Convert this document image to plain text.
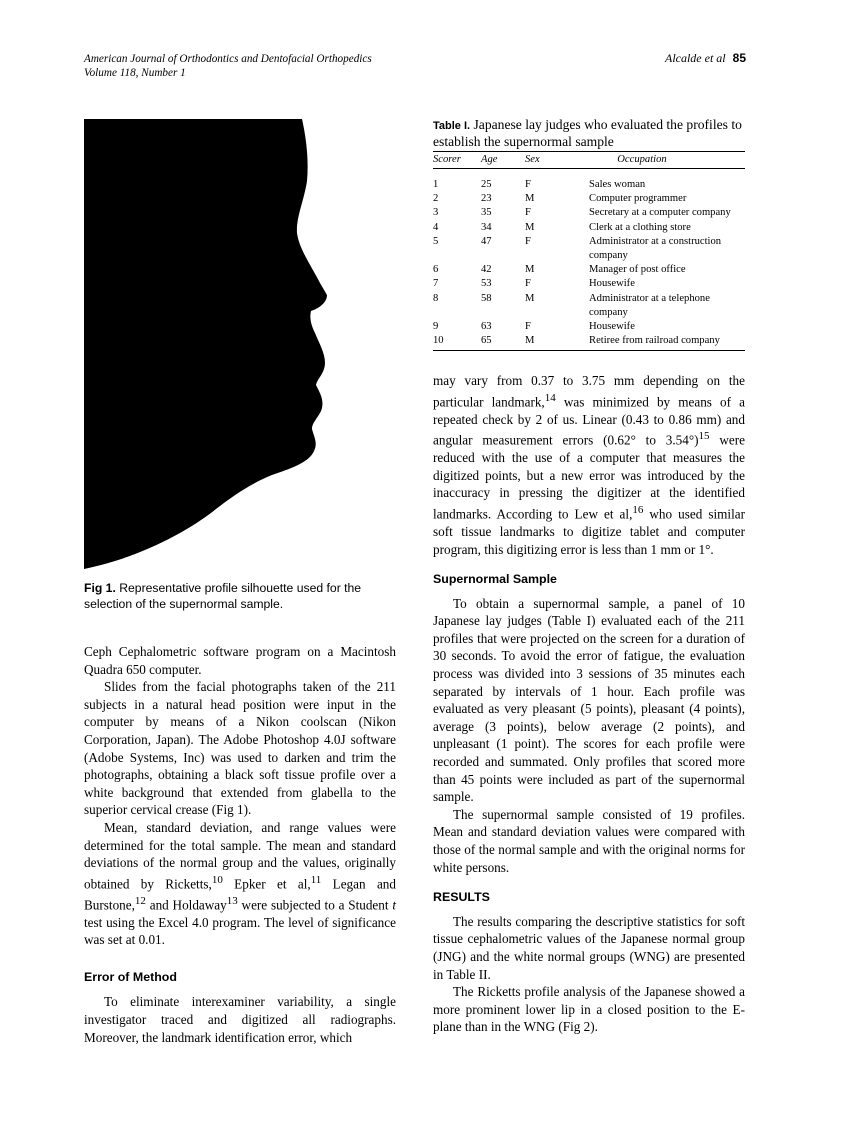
American Journal of Orthodontics and Dentofacial Orthopedics
Volume 118, Number 1
Alcalde et al 85
Fig 1. Representative profile silhouette used for the selection of the supernormal sample.

Ceph Cephalometric software program on a Macintosh Quadra 650 computer.

Slides from the facial photographs taken of the 211 subjects in a natural head position were input in the computer by means of a Nikon coolscan (Nikon Corporation, Japan). The Adobe Photoshop 4.0J software (Adobe Systems, Inc) was used to darken and trim the photographs, obtaining a black soft tissue profile over a white background that extended from glabella to the superior cervical crease (Fig 1).

Mean, standard deviation, and range values were determined for the total sample. The mean and standard deviations of the normal group and the values, originally obtained by Ricketts,$^{10}$ Epker et al,$^{11}$ Legan and Burstone,$^{12}$ and Holdaway$^{13}$ were subjected to a Student t test using the Excel 4.0 program. The level of significance was set at 0.01.

Error of Method

To eliminate interexaminer variability, a single investigator traced and digitized all radiographs. Moreover, the landmark identification error, which

Table I. Japanese lay judges who evaluated the profiles to establish the supernormal sample
Scorer	Age	Sex	Occupation
1	25	F	Sales woman
2	23	M	Computer programmer
3	35	F	Secretary at a computer company
4	34	M	Clerk at a clothing store
5	47	F	Administrator at a construction company
6	42	M	Manager of post office
7	53	F	Housewife
8	58	M	Administrator at a telephone company
9	63	F	Housewife
10	65	M	Retiree from railroad company

may vary from 0.37 to 3.75 mm depending on the particular landmark,$^{14}$ was minimized by means of a repeated check by 2 of us. Linear (0.43 to 0.86 mm) and angular measurement errors (0.62° to 3.54°)$^{15}$ were reduced with the use of a computer that measures the digitized points, but a new error was introduced by the inaccuracy in pressing the digitizer at the identified landmarks. According to Lew et al,$^{16}$ who used similar soft tissue landmarks to digitize tablet and computer program, this digitizing error is less than 1 mm or 1°.

Supernormal Sample

To obtain a supernormal sample, a panel of 10 Japanese lay judges (Table I) evaluated each of the 211 profiles that were projected on the screen for a duration of 30 seconds. To avoid the error of fatigue, the evaluation process was divided into 3 sessions of 35 minutes each separated by intervals of 1 hour. Each profile was evaluated as very pleasant (5 points), pleasant (4 points), average (3 points), below average (2 points), and unpleasant (1 point). The scores for each profile were recorded and summated. Only profiles that scored more than 45 points were included as part of the supernormal sample.

The supernormal sample consisted of 19 profiles. Mean and standard deviation values were compared with those of the normal sample and with the original norms for white persons.

RESULTS

The results comparing the descriptive statistics for soft tissue cephalometric values of the Japanese normal group (JNG) and the white normal groups (WNG) are presented in Table II.

The Ricketts profile analysis of the Japanese showed a more prominent lower lip in a closed position to the E-plane than in the WNG (Fig 2).
